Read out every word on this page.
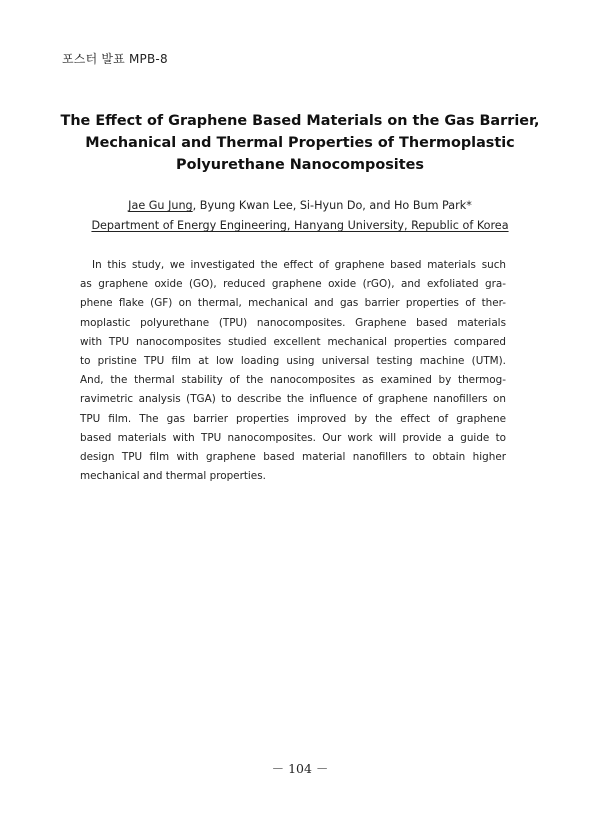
포스터 발표 MPB-8
The Effect of Graphene Based Materials on the Gas Barrier,
Mechanical and Thermal Properties of Thermoplastic
Polyurethane Nanocomposites
Jae Gu Jung, Byung Kwan Lee, Si-Hyun Do, and Ho Bum Park*
Department of Energy Engineering, Hanyang University, Republic of Korea
In this study, we investigated the effect of graphene based materials such
as graphene oxide (GO), reduced graphene oxide (rGO), and exfoliated gra-
phene flake (GF) on thermal, mechanical and gas barrier properties of ther-
moplastic polyurethane (TPU) nanocomposites. Graphene based materials
with TPU nanocomposites studied excellent mechanical properties compared
to pristine TPU film at low loading using universal testing machine (UTM).
And, the thermal stability of the nanocomposites as examined by thermog-
ravimetric analysis (TGA) to describe the influence of graphene nanofillers on
TPU film. The gas barrier properties improved by the effect of graphene
based materials with TPU nanocomposites. Our work will provide a guide to
design TPU film with graphene based material nanofillers to obtain higher
mechanical and thermal properties.
－ 104 －
